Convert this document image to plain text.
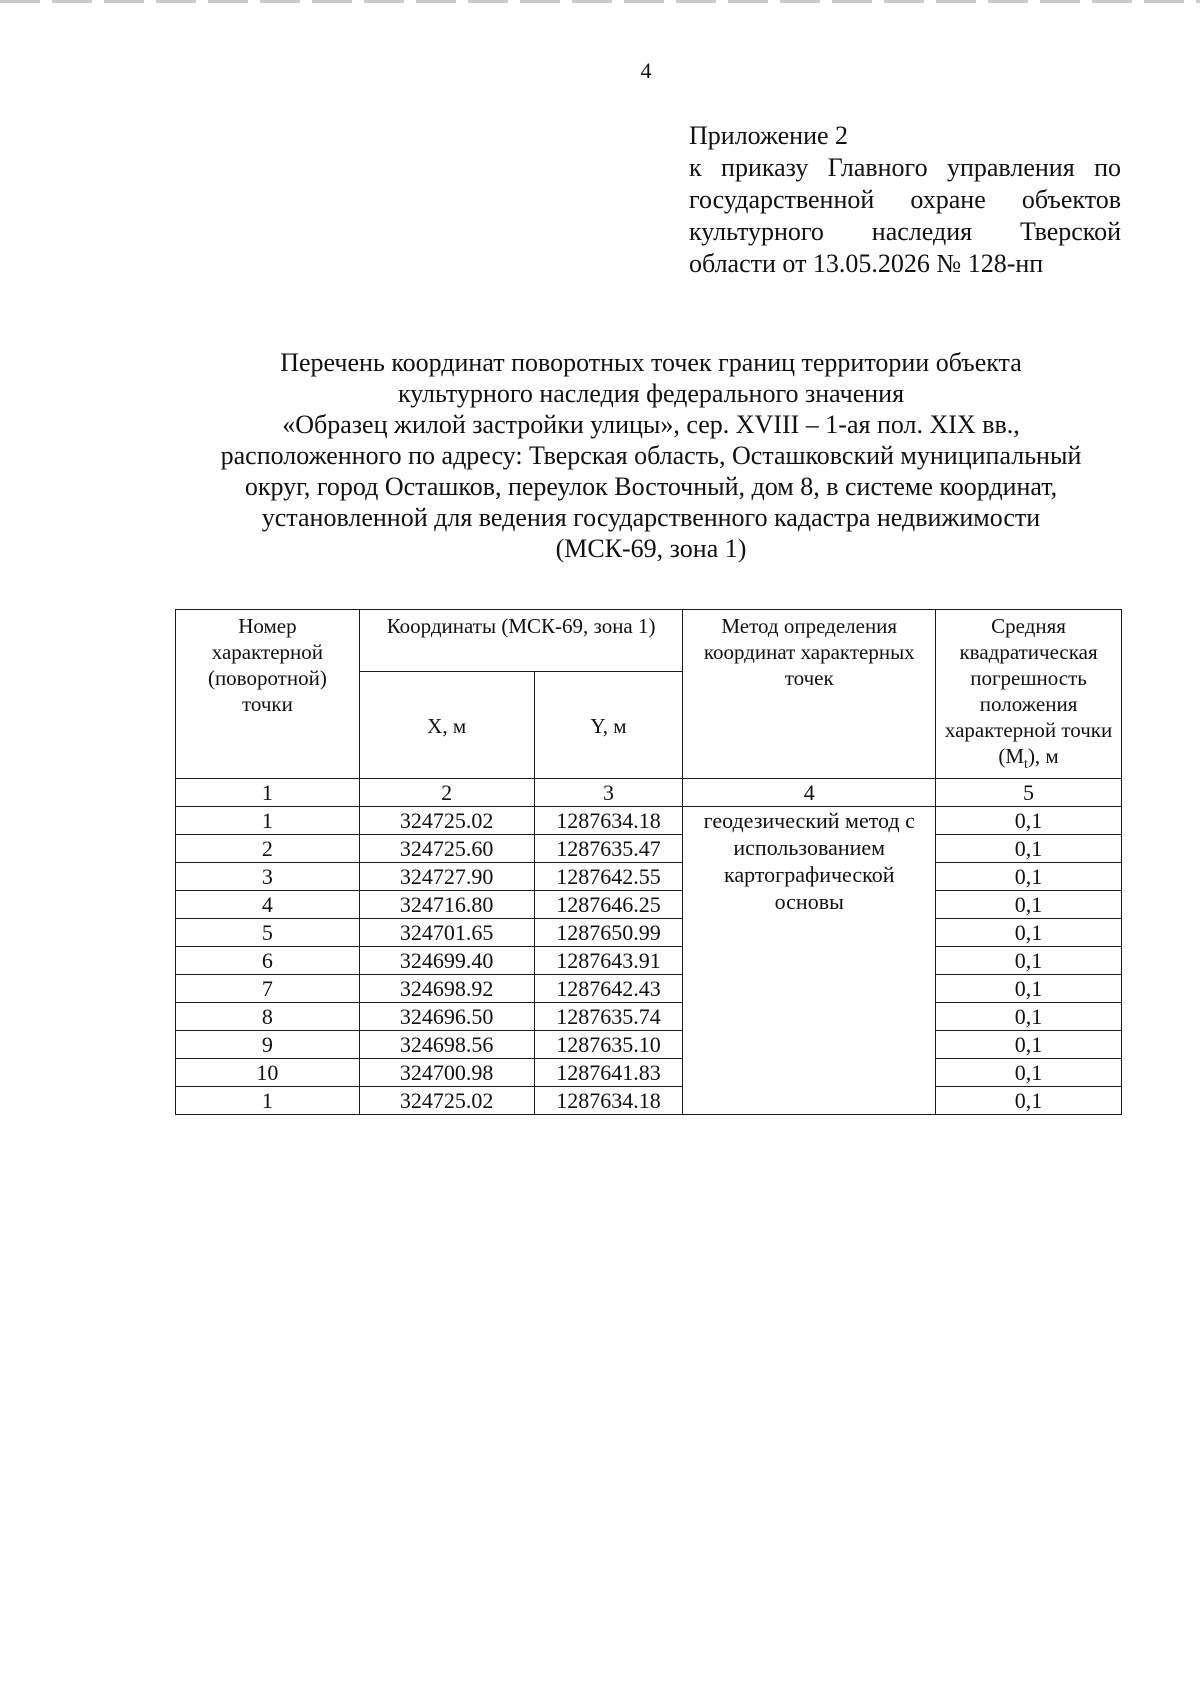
4
Приложение 2
к приказу Главного управления по
государственной охране объектов
культурного наследия Тверской
области от 13.05.2026 № 128-нп
Перечень координат поворотных точек границ территории объекта
культурного наследия федерального значения
«Образец жилой застройки улицы», сер. XVIII – 1-ая пол. XIX вв.,
расположенного по адресу: Тверская область, Осташковский муниципальный
округ, город Осташков, переулок Восточный, дом 8, в системе координат,
установленной для ведения государственного кадастра недвижимости
(МСК-69, зона 1)
Номер характерной (поворотной) точки	Координаты (МСК-69, зона 1)		Метод определения координат характерных точек	Средняя квадратическая погрешность положения характерной точки $(M_t)$, м
	X, м	Y, м		
1	2	3	4	5
1	324725.02	1287634.18	геодезический метод с использованием картографической основы	0,1
2	324725.60	1287635.47		0,1
3	324727.90	1287642.55		0,1
4	324716.80	1287646.25		0,1
5	324701.65	1287650.99		0,1
6	324699.40	1287643.91		0,1
7	324698.92	1287642.43		0,1
8	324696.50	1287635.74		0,1
9	324698.56	1287635.10		0,1
10	324700.98	1287641.83		0,1
1	324725.02	1287634.18		0,1
